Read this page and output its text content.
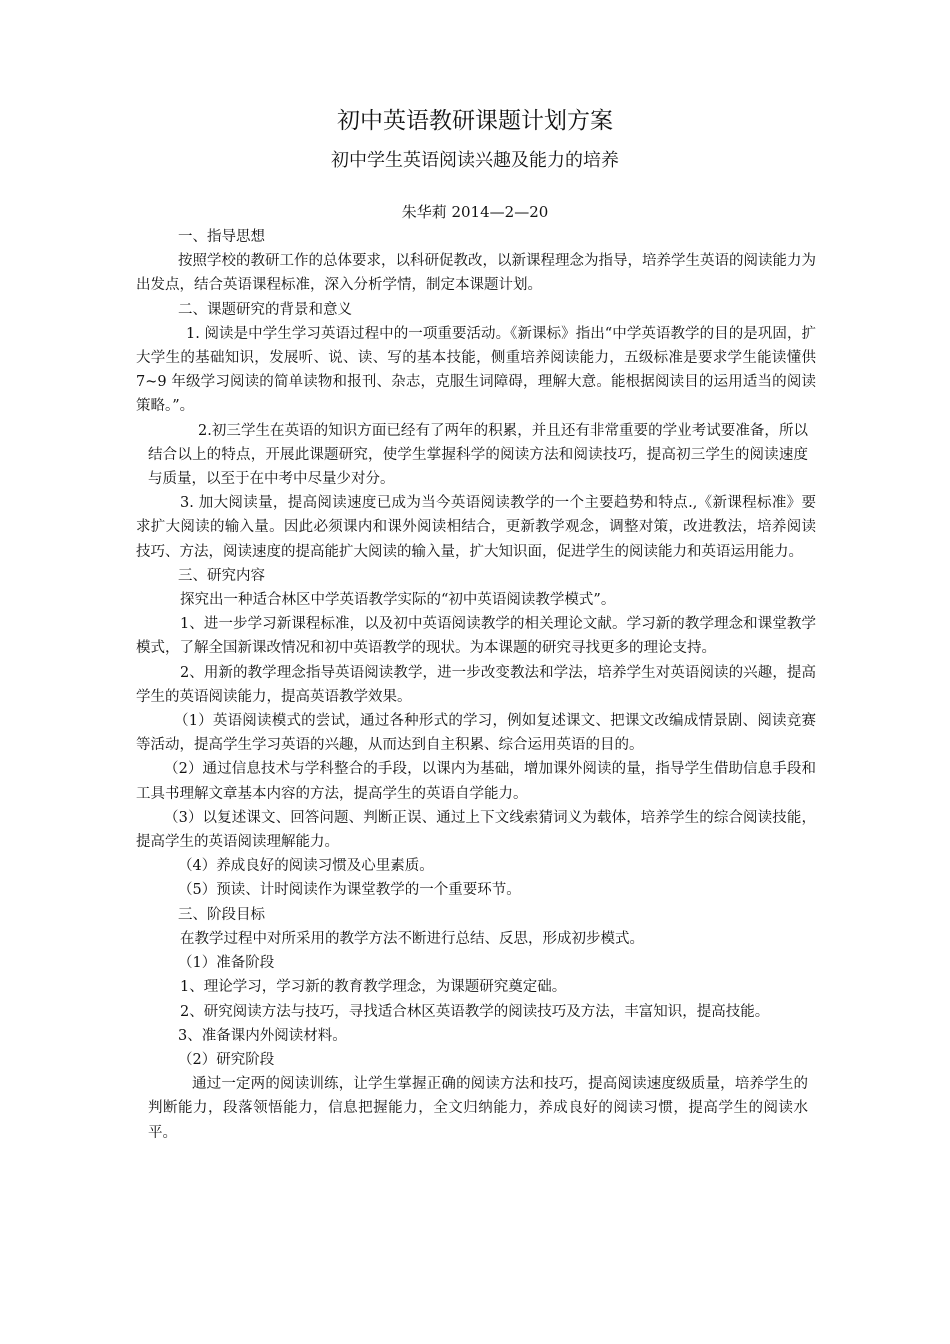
初中英语教研课题计划方案
初中学生英语阅读兴趣及能力的培养
朱华莉 2014—2—20

一、指导思想

按照学校的教研工作的总体要求，以科研促教改，以新课程理念为指导，培养学生英语的阅读能力为出发点，结合英语课程标准，深入分析学情，制定本课题计划。

二、课题研究的背景和意义

1. 阅读是中学生学习英语过程中的一项重要活动。《新课标》指出“中学英语教学的目的是巩固，扩大学生的基础知识，发展听、说、读、写的基本技能，侧重培养阅读能力，五级标准是要求学生能读懂供 7~9 年级学习阅读的简单读物和报刊、杂志，克服生词障碍，理解大意。能根据阅读目的运用适当的阅读策略。”。

2.初三学生在英语的知识方面已经有了两年的积累，并且还有非常重要的学业考试要准备，所以结合以上的特点，开展此课题研究，使学生掌握科学的阅读方法和阅读技巧，提高初三学生的阅读速度与质量，以至于在中考中尽量少对分。

3. 加大阅读量，提高阅读速度已成为当今英语阅读教学的一个主要趋势和特点.,《新课程标准》要求扩大阅读的输入量。因此必须课内和课外阅读相结合，更新教学观念，调整对策，改进教法，培养阅读技巧、方法，阅读速度的提高能扩大阅读的输入量，扩大知识面，促进学生的阅读能力和英语运用能力。

三、研究内容

探究出一种适合林区中学英语教学实际的“初中英语阅读教学模式”。

1、进一步学习新课程标准，以及初中英语阅读教学的相关理论文献。学习新的教学理念和课堂教学模式，了解全国新课改情况和初中英语教学的现状。为本课题的研究寻找更多的理论支持。

2、用新的教学理念指导英语阅读教学，进一步改变教法和学法，培养学生对英语阅读的兴趣，提高学生的英语阅读能力，提高英语教学效果。

（1）英语阅读模式的尝试，通过各种形式的学习，例如复述课文、把课文改编成情景剧、阅读竞赛等活动，提高学生学习英语的兴趣，从而达到自主积累、综合运用英语的目的。

（2）通过信息技术与学科整合的手段，以课内为基础，增加课外阅读的量，指导学生借助信息手段和工具书理解文章基本内容的方法，提高学生的英语自学能力。

（3）以复述课文、回答问题、判断正误、通过上下文线索猜词义为载体，培养学生的综合阅读技能，提高学生的英语阅读理解能力。

（4）养成良好的阅读习惯及心里素质。

（5）预读、计时阅读作为课堂教学的一个重要环节。

三、阶段目标

在教学过程中对所采用的教学方法不断进行总结、反思，形成初步模式。

（1）准备阶段

1、理论学习，学习新的教育教学理念，为课题研究奠定础。

2、研究阅读方法与技巧，寻找适合林区英语教学的阅读技巧及方法，丰富知识，提高技能。

3、准备课内外阅读材料。

（2）研究阶段

通过一定两的阅读训练，让学生掌握正确的阅读方法和技巧，提高阅读速度级质量，培养学生的判断能力，段落领悟能力，信息把握能力，全文归纳能力，养成良好的阅读习惯，提高学生的阅读水平。
